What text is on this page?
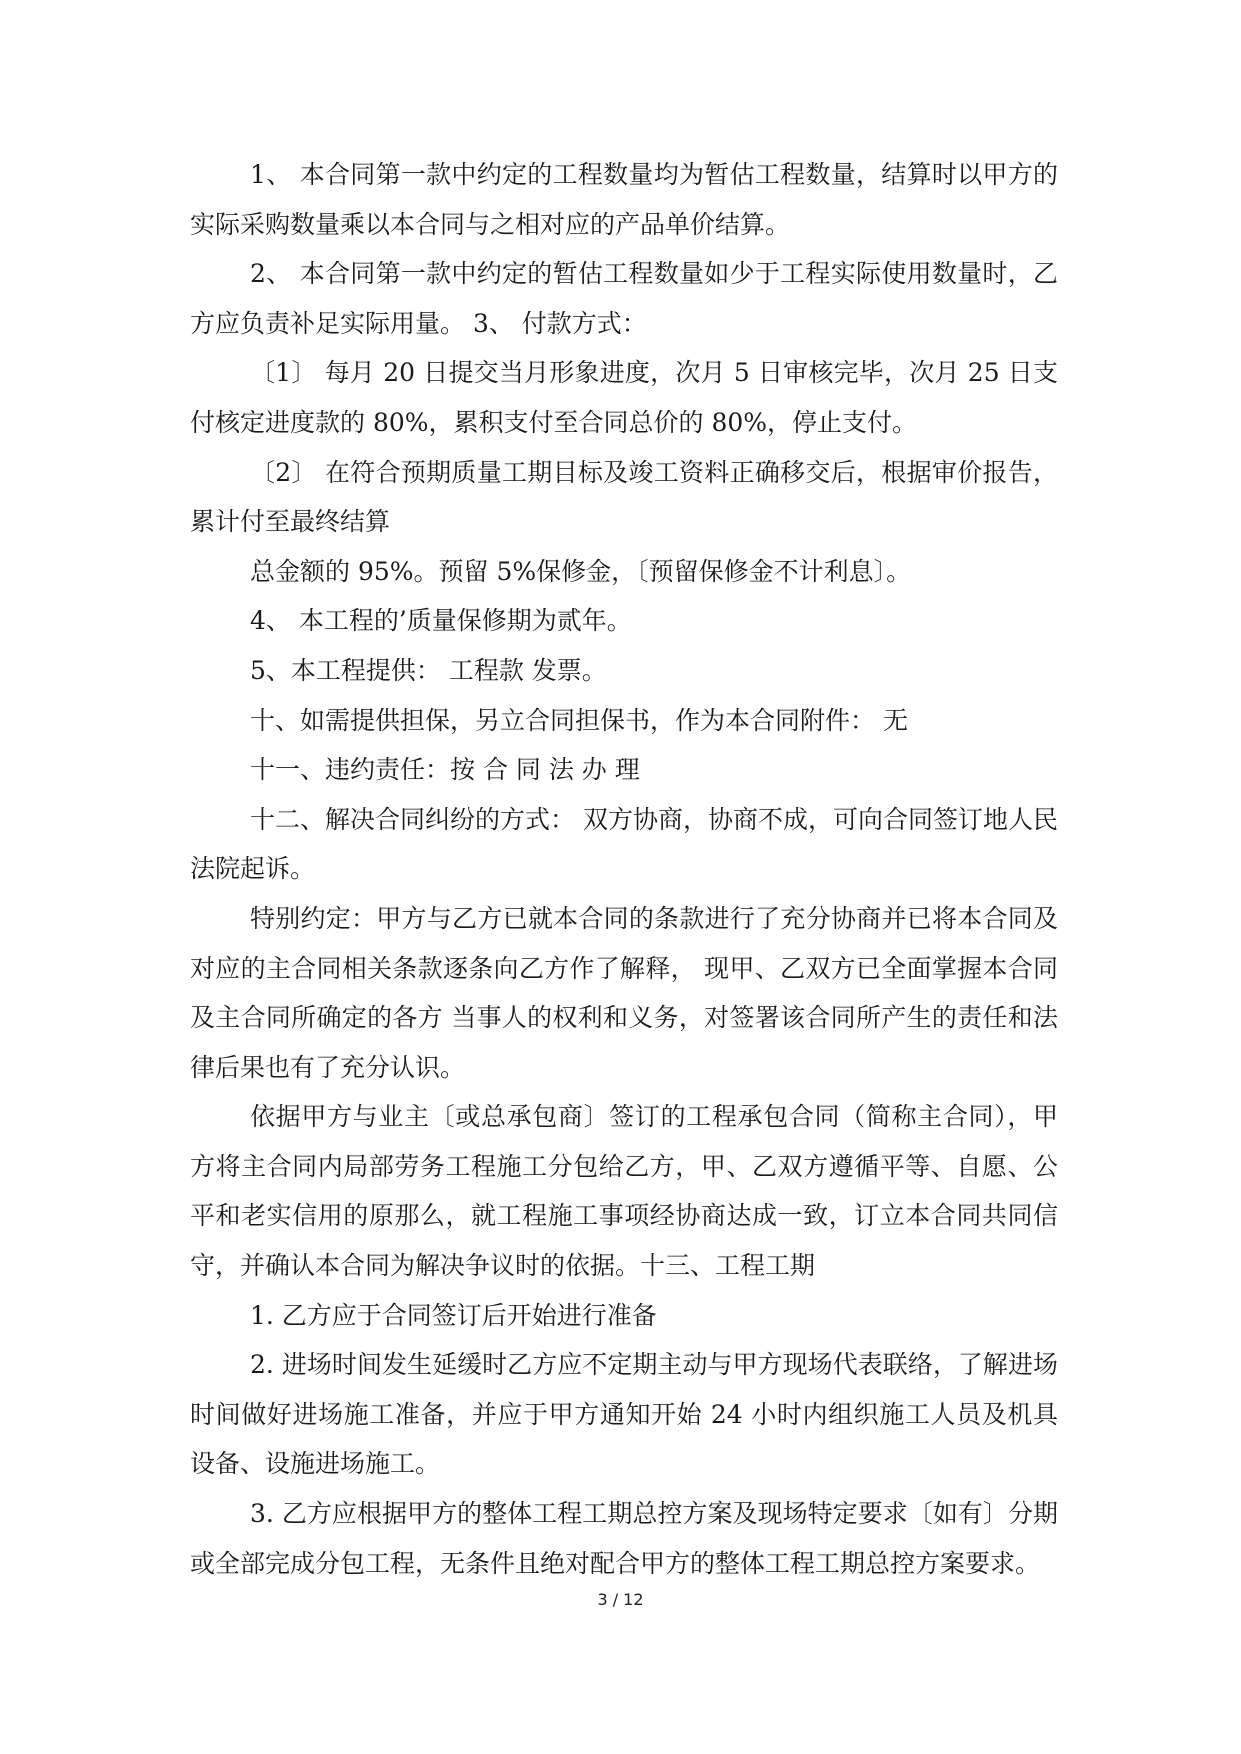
1、 本合同第一款中约定的工程数量均为暂估工程数量，结算时以甲方的实际采购数量乘以本合同与之相对应的产品单价结算。

2、 本合同第一款中约定的暂估工程数量如少于工程实际使用数量时，乙方应负责补足实际用量。 3、 付款方式：

〔1〕 每月 20 日提交当月形象进度，次月 5 日审核完毕，次月 25 日支付核定进度款的 80%，累积支付至合同总价的 80%，停止支付。

〔2〕 在符合预期质量工期目标及竣工资料正确移交后，根据审价报告，累计付至最终结算

总金额的 95%。预留 5%保修金，〔预留保修金不计利息〕。

4、 本工程的’质量保修期为贰年。

5、本工程提供： 工程款 发票。

十、如需提供担保，另立合同担保书，作为本合同附件： 无

十一、违约责任：按 合 同 法 办 理

十二、解决合同纠纷的方式： 双方协商，协商不成，可向合同签订地人民法院起诉。

特别约定：甲方与乙方已就本合同的条款进行了充分协商并已将本合同及对应的主合同相关条款逐条向乙方作了解释， 现甲、乙双方已全面掌握本合同及主合同所确定的各方 当事人的权利和义务，对签署该合同所产生的责任和法律后果也有了充分认识。

依据甲方与业主〔或总承包商〕签订的工程承包合同（简称主合同），甲方将主合同内局部劳务工程施工分包给乙方，甲、乙双方遵循平等、自愿、公平和老实信用的原那么，就工程施工事项经协商达成一致，订立本合同共同信守，并确认本合同为解决争议时的依据。十三、工程工期

1. 乙方应于合同签订后开始进行准备

2. 进场时间发生延缓时乙方应不定期主动与甲方现场代表联络，了解进场时间做好进场施工准备，并应于甲方通知开始 24 小时内组织施工人员及机具设备、设施进场施工。

3. 乙方应根据甲方的整体工程工期总控方案及现场特定要求〔如有〕分期或全部完成分包工程，无条件且绝对配合甲方的整体工程工期总控方案要求。

3 / 12
